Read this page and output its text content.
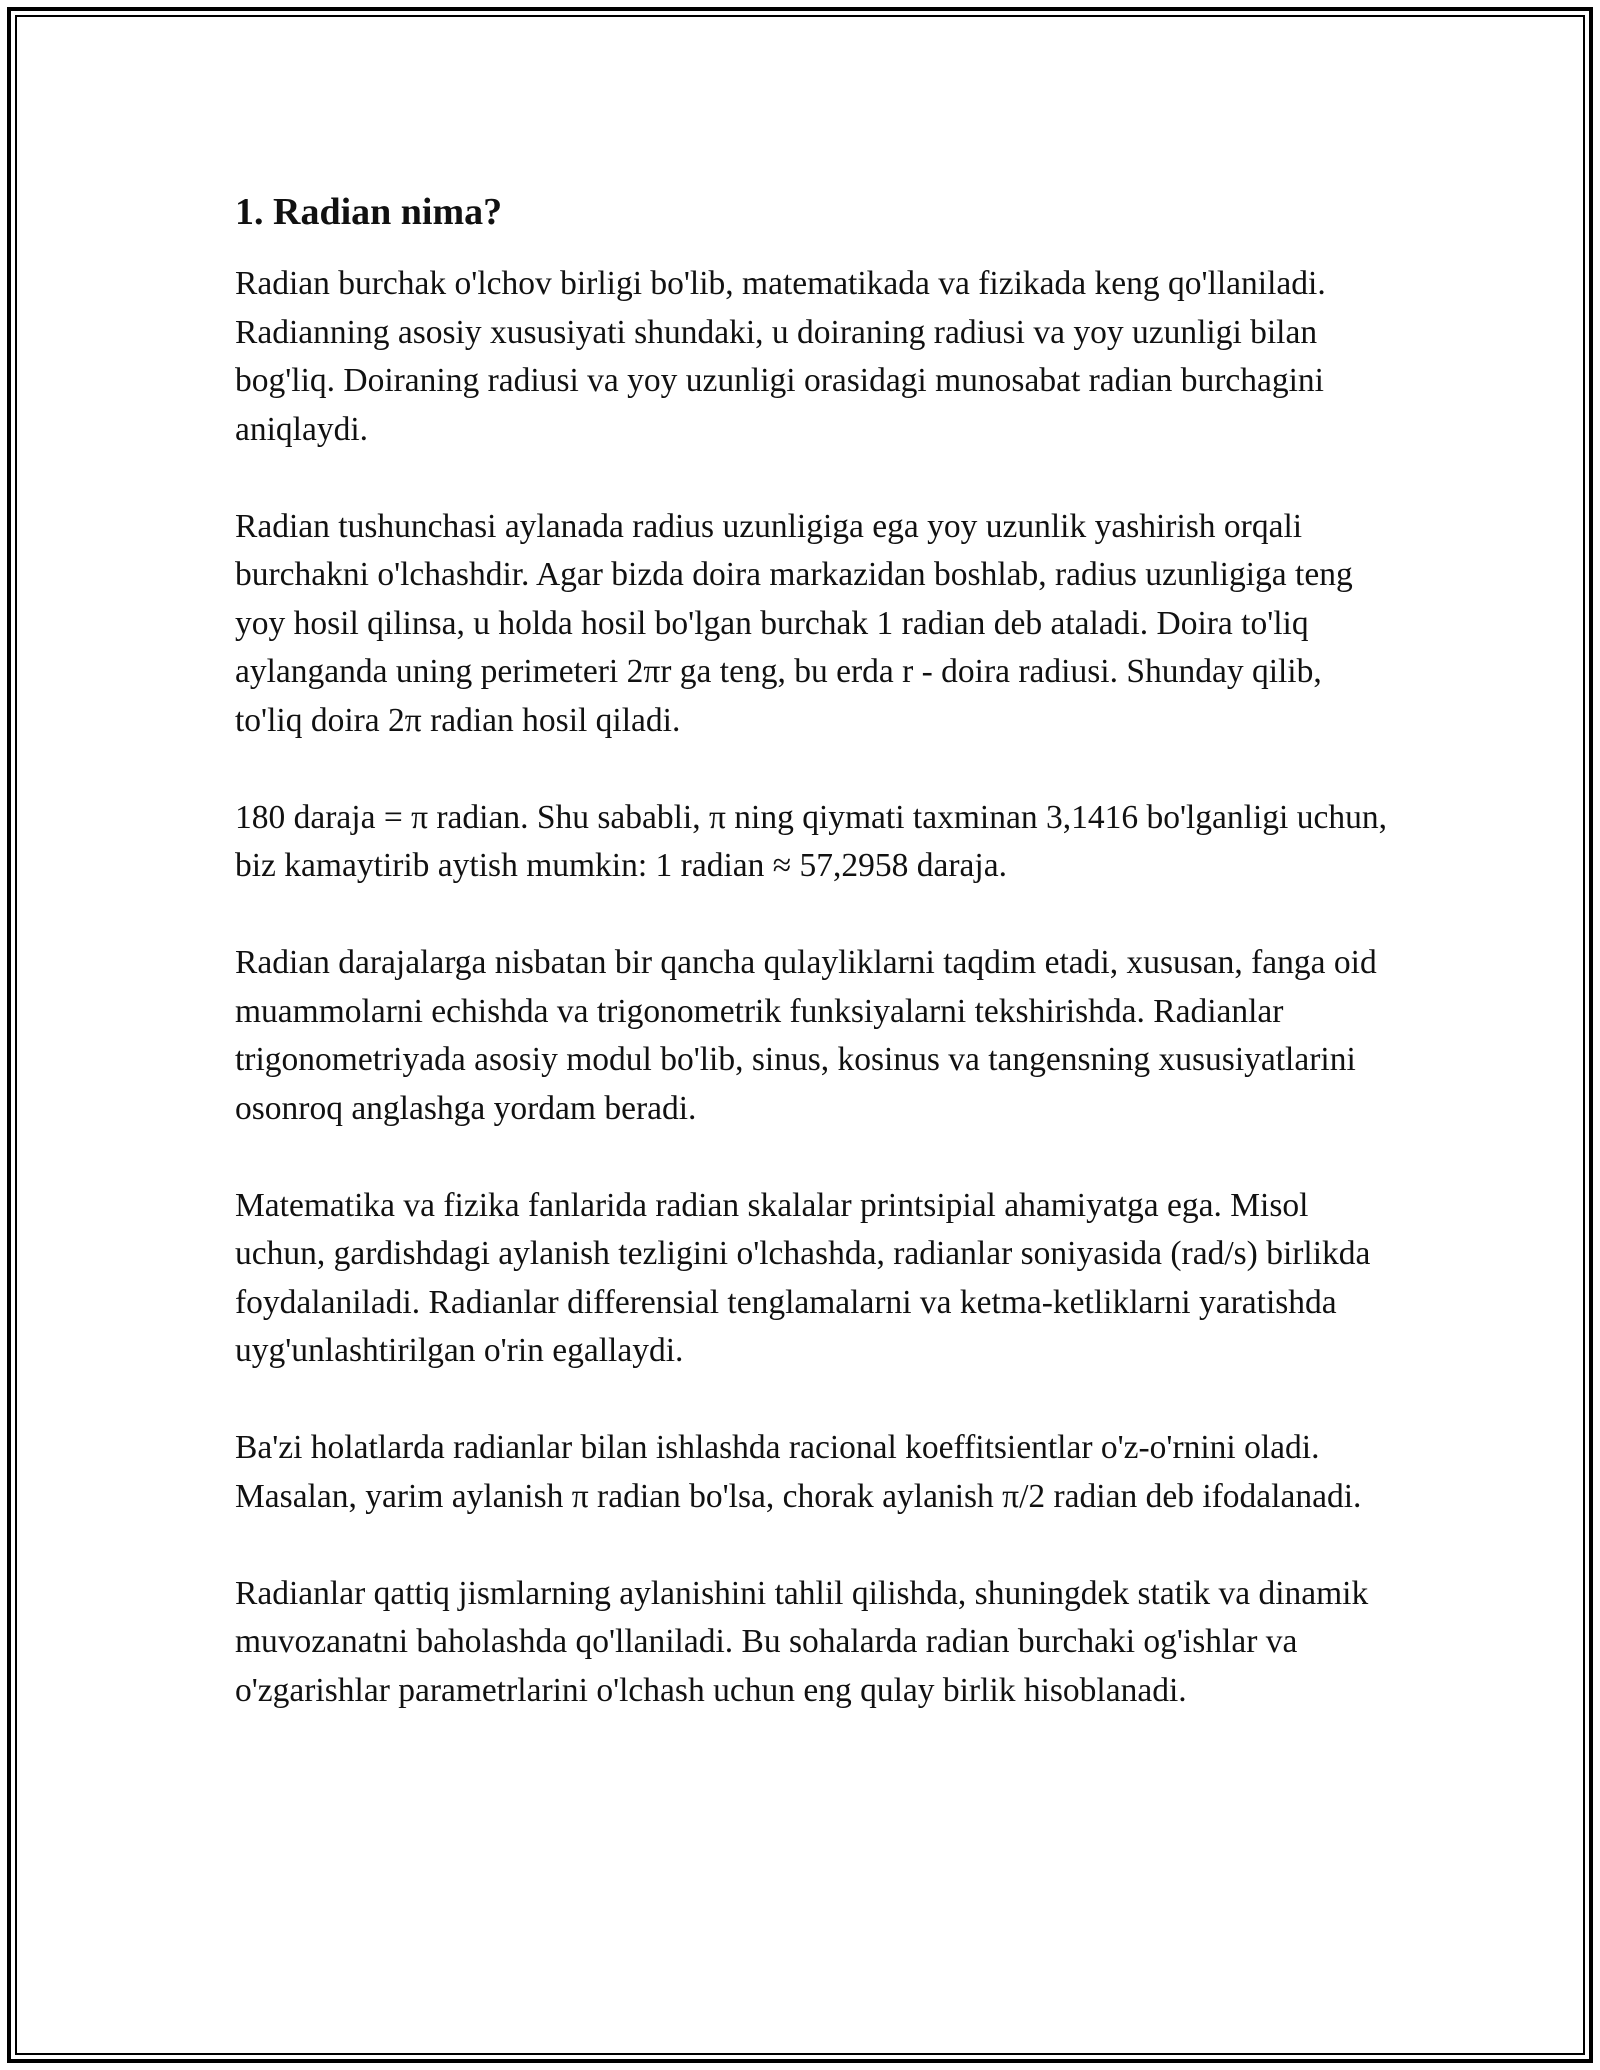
1. Radian nima?

Radian burchak o'lchov birligi bo'lib, matematikada va fizikada keng qo'llaniladi. Radianning asosiy xususiyati shundaki, u doiraning radiusi va yoy uzunligi bilan bog'liq. Doiraning radiusi va yoy uzunligi orasidagi munosabat radian burchagini aniqlaydi.

Radian tushunchasi aylanada radius uzunligiga ega yoy uzunlik yashirish orqali burchakni o'lchashdir. Agar bizda doira markazidan boshlab, radius uzunligiga teng yoy hosil qilinsa, u holda hosil bo'lgan burchak 1 radian deb ataladi. Doira to'liq aylanganda uning perimeteri 2πr ga teng, bu erda r - doira radiusi. Shunday qilib, to'liq doira 2π radian hosil qiladi.

180 daraja = π radian. Shu sababli, π ning qiymati taxminan 3,1416 bo'lganligi uchun, biz kamaytirib aytish mumkin: 1 radian ≈ 57,2958 daraja.

Radian darajalarga nisbatan bir qancha qulayliklarni taqdim etadi, xususan, fanga oid muammolarni echishda va trigonometrik funksiyalarni tekshirishda. Radianlar trigonometriyada asosiy modul bo'lib, sinus, kosinus va tangensning xususiyatlarini osonroq anglashga yordam beradi.

Matematika va fizika fanlarida radian skalalar printsipial ahamiyatga ega. Misol uchun, gardishdagi aylanish tezligini o'lchashda, radianlar soniyasida (rad/s) birlikda foydalaniladi. Radianlar differensial tenglamalarni va ketma-ketliklarni yaratishda uyg'unlashtirilgan o'rin egallaydi.

Ba'zi holatlarda radianlar bilan ishlashda racional koeffitsientlar o'z-o'rnini oladi. Masalan, yarim aylanish π radian bo'lsa, chorak aylanish π/2 radian deb ifodalanadi.

Radianlar qattiq jismlarning aylanishini tahlil qilishda, shuningdek statik va dinamik muvozanatni baholashda qo'llaniladi. Bu sohalarda radian burchaki og'ishlar va o'zgarishlar parametrlarini o'lchash uchun eng qulay birlik hisoblanadi.
